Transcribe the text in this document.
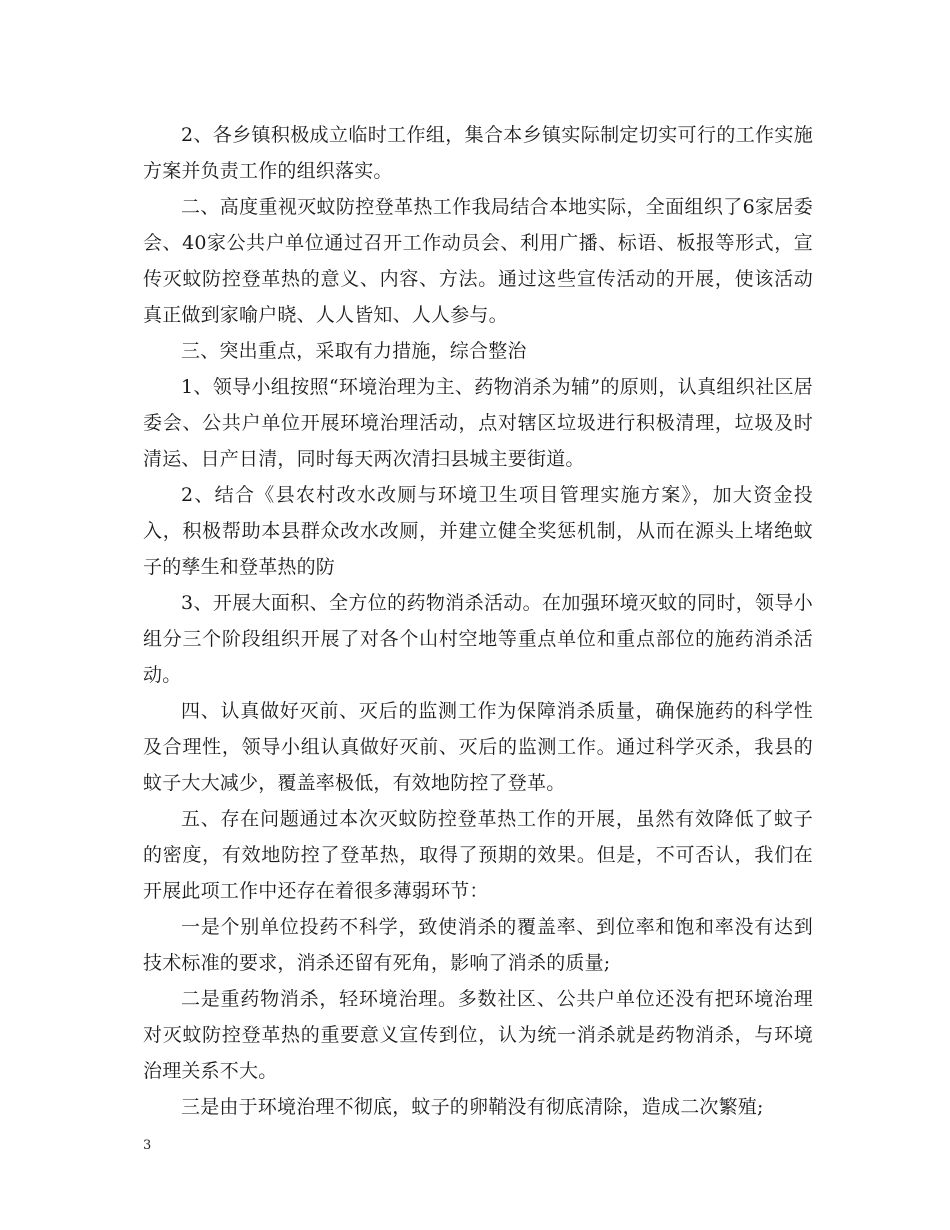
2、各乡镇积极成立临时工作组，集合本乡镇实际制定切实可行的工作实施方案并负责工作的组织落实。

二、高度重视灭蚊防控登革热工作我局结合本地实际，全面组织了6家居委会、40家公共户单位通过召开工作动员会、利用广播、标语、板报等形式，宣传灭蚊防控登革热的意义、内容、方法。通过这些宣传活动的开展，使该活动真正做到家喻户晓、人人皆知、人人参与。

三、突出重点，采取有力措施，综合整治

1、领导小组按照“环境治理为主、药物消杀为辅”的原则，认真组织社区居委会、公共户单位开展环境治理活动，点对辖区垃圾进行积极清理，垃圾及时清运、日产日清，同时每天两次清扫县城主要街道。

2、结合《县农村改水改厕与环境卫生项目管理实施方案》，加大资金投入，积极帮助本县群众改水改厕，并建立健全奖惩机制，从而在源头上堵绝蚊子的孳生和登革热的防

3、开展大面积、全方位的药物消杀活动。在加强环境灭蚊的同时，领导小组分三个阶段组织开展了对各个山村空地等重点单位和重点部位的施药消杀活动。

四、认真做好灭前、灭后的监测工作为保障消杀质量，确保施药的科学性及合理性，领导小组认真做好灭前、灭后的监测工作。通过科学灭杀，我县的蚊子大大减少，覆盖率极低，有效地防控了登革。

五、存在问题通过本次灭蚊防控登革热工作的开展，虽然有效降低了蚊子的密度，有效地防控了登革热，取得了预期的效果。但是，不可否认，我们在开展此项工作中还存在着很多薄弱环节：

一是个别单位投药不科学，致使消杀的覆盖率、到位率和饱和率没有达到技术标准的要求，消杀还留有死角，影响了消杀的质量;

二是重药物消杀，轻环境治理。多数社区、公共户单位还没有把环境治理对灭蚊防控登革热的重要意义宣传到位，认为统一消杀就是药物消杀，与环境治理关系不大。

三是由于环境治理不彻底，蚊子的卵鞘没有彻底清除，造成二次繁殖;

3
